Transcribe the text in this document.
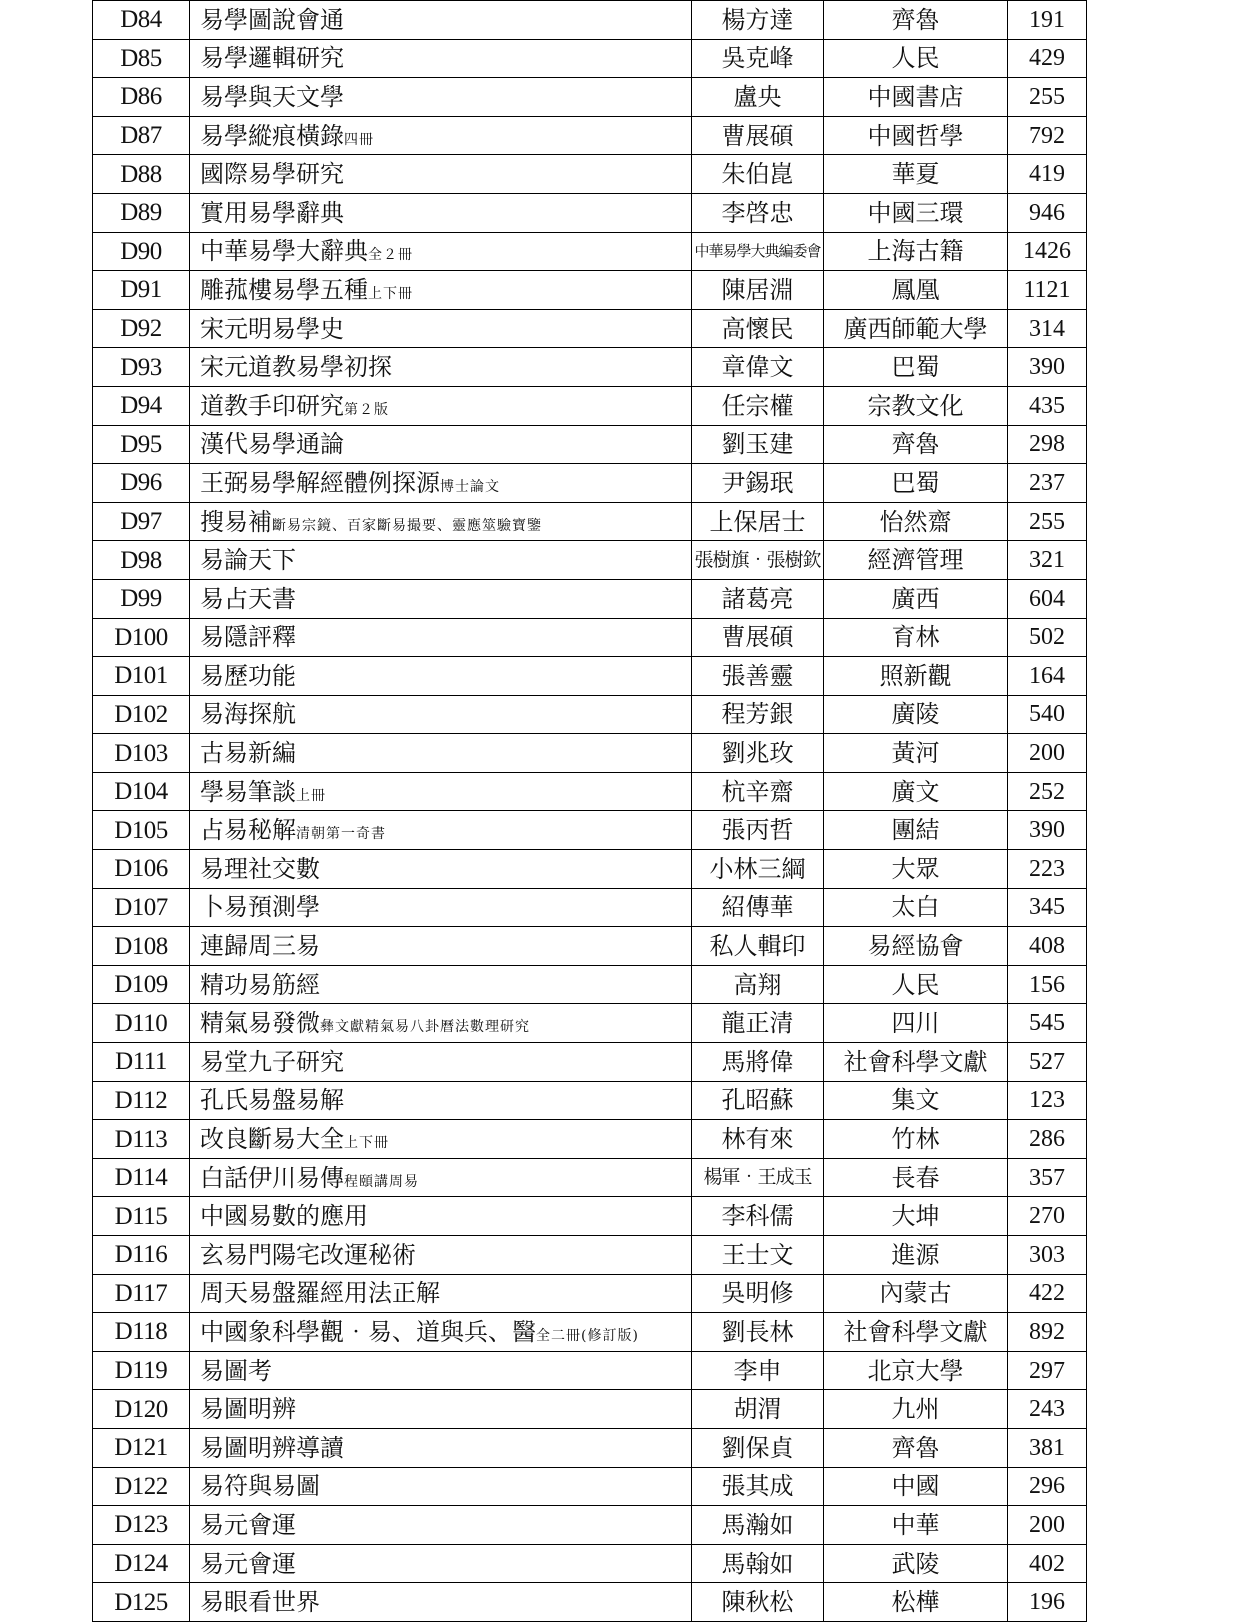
D84	易學圖說會通	楊方達	齊魯	191
D85	易學邏輯研究	吳克峰	人民	429
D86	易學與天文學	盧央	中國書店	255
D87	易學縱痕橫錄四冊	曹展碩	中國哲學	792
D88	國際易學研究	朱伯崑	華夏	419
D89	實用易學辭典	李啓忠	中國三環	946
D90	中華易學大辭典全２冊	中華易學大典編委會	上海古籍	1426
D91	雕菰樓易學五種上下冊	陳居淵	鳳凰	1121
D92	宋元明易學史	高懷民	廣西師範大學	314
D93	宋元道教易學初探	章偉文	巴蜀	390
D94	道教手印研究第２版	任宗權	宗教文化	435
D95	漢代易學通論	劉玉建	齊魯	298
D96	王弼易學解經體例探源博士論文	尹錫珉	巴蜀	237
D97	搜易補斷易宗鏡、百家斷易撮要、靈應筮驗寶鑒	上保居士	怡然齋	255
D98	易論天下	張樹旗‧張樹欽	經濟管理	321
D99	易占天書	諸葛亮	廣西	604
D100	易隱評釋	曹展碩	育林	502
D101	易歷功能	張善靈	照新觀	164
D102	易海探航	程芳銀	廣陵	540
D103	古易新編	劉兆玫	黃河	200
D104	學易筆談上冊	杭辛齋	廣文	252
D105	占易秘解清朝第一奇書	張丙哲	團結	390
D106	易理社交數	小林三綱	大眾	223
D107	卜易預測學	紹傳華	太白	345
D108	連歸周三易	私人輯印	易經協會	408
D109	精功易筋經	高翔	人民	156
D110	精氣易發微彝文獻精氣易八卦曆法數理研究	龍正清	四川	545
D111	易堂九子研究	馬將偉	社會科學文獻	527
D112	孔氏易盤易解	孔昭蘇	集文	123
D113	改良斷易大全上下冊	林有來	竹林	286
D114	白話伊川易傳程頤講周易	楊軍‧王成玉	長春	357
D115	中國易數的應用	李科儒	大坤	270
D116	玄易門陽宅改運秘術	王士文	進源	303
D117	周天易盤羅經用法正解	吳明修	內蒙古	422
D118	中國象科學觀‧易、道與兵、醫全二冊(修訂版)	劉長林	社會科學文獻	892
D119	易圖考	李申	北京大學	297
D120	易圖明辨	胡渭	九州	243
D121	易圖明辨導讀	劉保貞	齊魯	381
D122	易符與易圖	張其成	中國	296
D123	易元會運	馬瀚如	中華	200
D124	易元會運	馬翰如	武陵	402
D125	易眼看世界	陳秋松	松樺	196
